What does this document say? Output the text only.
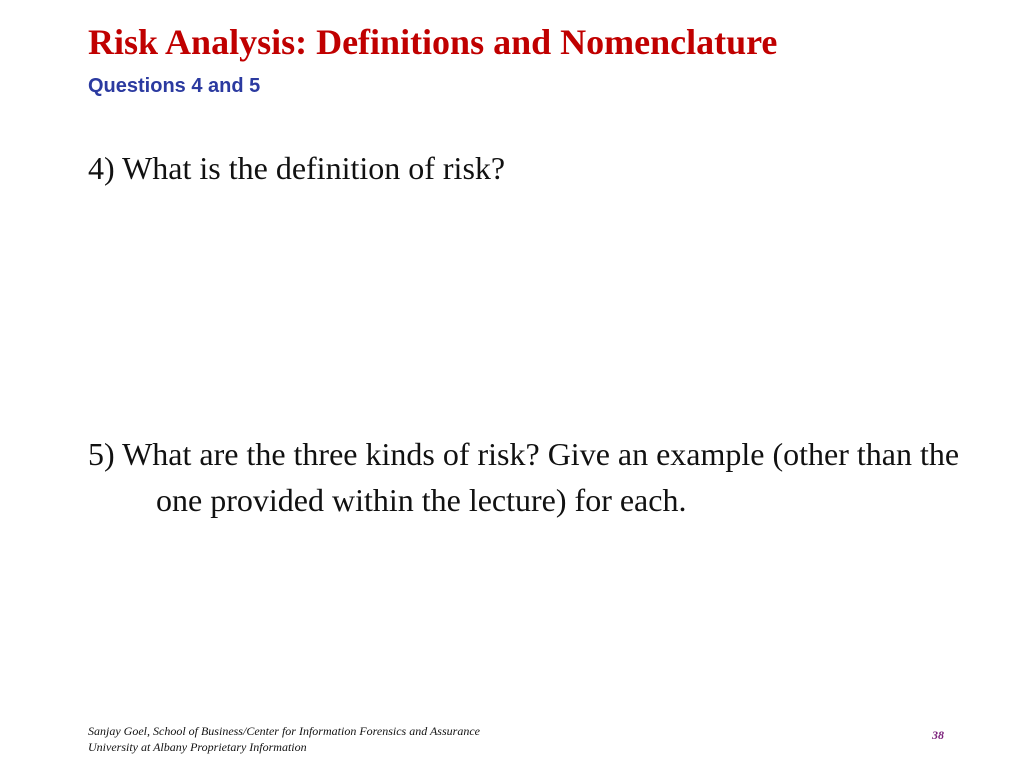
Risk Analysis: Definitions and Nomenclature
Questions 4 and 5

4) What is the definition of risk?

5) What are the three kinds of risk? Give an example (other than the one provided within the lecture) for each.

Sanjay Goel, School of Business/Center for Information Forensics and Assurance
University at Albany Proprietary Information
38
